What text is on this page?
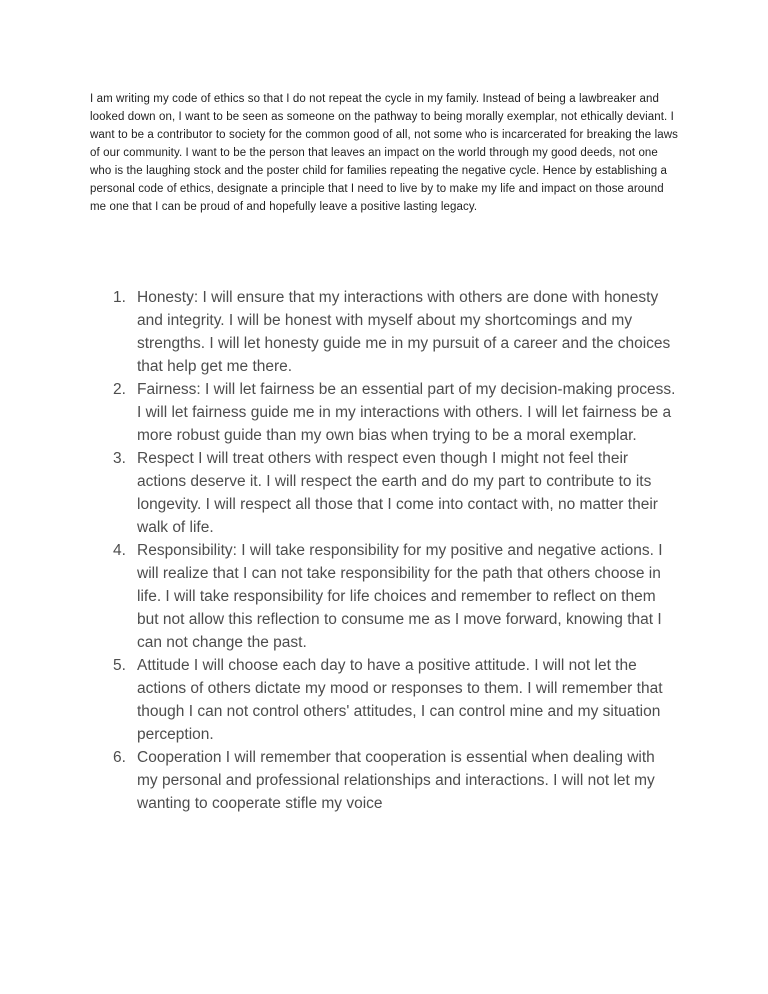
I am writing my code of ethics so that I do not repeat the cycle in my family. Instead of being a lawbreaker and looked down on, I want to be seen as someone on the pathway to being morally exemplar, not ethically deviant. I want to be a contributor to society for the common good of all, not some who is incarcerated for breaking the laws of our community. I want to be the person that leaves an impact on the world through my good deeds, not one who is the laughing stock and the poster child for families repeating the negative cycle. Hence by establishing a personal code of ethics, designate a principle that I need to live by to make my life and impact on those around me one that I can be proud of and hopefully leave a positive lasting legacy.

1. Honesty: I will ensure that my interactions with others are done with honesty and integrity. I will be honest with myself about my shortcomings and my strengths. I will let honesty guide me in my pursuit of a career and the choices that help get me there.
2. Fairness: I will let fairness be an essential part of my decision-making process. I will let fairness guide me in my interactions with others. I will let fairness be a more robust guide than my own bias when trying to be a moral exemplar.
3. Respect I will treat others with respect even though I might not feel their actions deserve it. I will respect the earth and do my part to contribute to its longevity. I will respect all those that I come into contact with, no matter their walk of life.
4. Responsibility: I will take responsibility for my positive and negative actions. I will realize that I can not take responsibility for the path that others choose in life. I will take responsibility for life choices and remember to reflect on them but not allow this reflection to consume me as I move forward, knowing that I can not change the past.
5. Attitude I will choose each day to have a positive attitude. I will not let the actions of others dictate my mood or responses to them. I will remember that though I can not control others' attitudes, I can control mine and my situation perception.
6. Cooperation I will remember that cooperation is essential when dealing with my personal and professional relationships and interactions. I will not let my wanting to cooperate stifle my voice
